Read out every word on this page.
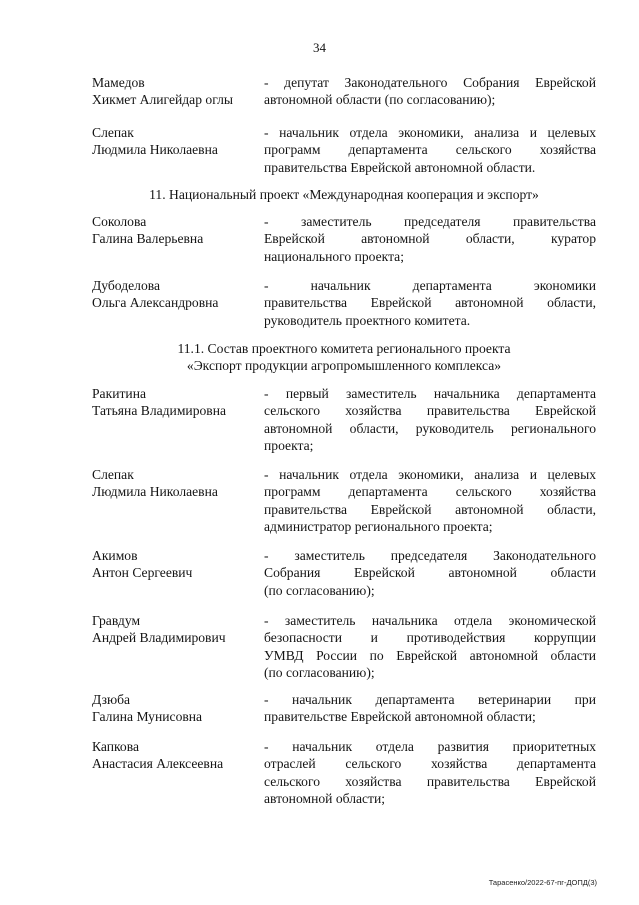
34
Мамедов
Хикмет Алигейдар оглы
- депутат Законодательного Собрания Еврейской
автономной области (по согласованию);
Слепак
Людмила Николаевна
- начальник отдела экономики, анализа и целевых
программ департамента сельского хозяйства
правительства Еврейской автономной области.
11. Национальный проект «Международная кооперация и экспорт»
Соколова
Галина Валерьевна
- заместитель председателя правительства
Еврейской автономной области, куратор
национального проекта;
Дубоделова
Ольга Александровна
- начальник департамента экономики
правительства Еврейской автономной области,
руководитель проектного комитета.
11.1. Состав проектного комитета регионального проекта
«Экспорт продукции агропромышленного комплекса»
Ракитина
Татьяна Владимировна
- первый заместитель начальника департамента
сельского хозяйства правительства Еврейской
автономной области, руководитель регионального
проекта;
Слепак
Людмила Николаевна
- начальник отдела экономики, анализа и целевых
программ департамента сельского хозяйства
правительства Еврейской автономной области,
администратор регионального проекта;
Акимов
Антон Сергеевич
- заместитель председателя Законодательного
Собрания Еврейской автономной области
(по согласованию);
Гравдум
Андрей Владимирович
- заместитель начальника отдела экономической
безопасности и противодействия коррупции
УМВД России по Еврейской автономной области
(по согласованию);
Дзюба
Галина Мунисовна
- начальник департамента ветеринарии при
правительстве Еврейской автономной области;
Капкова
Анастасия Алексеевна
- начальник отдела развития приоритетных
отраслей сельского хозяйства департамента
сельского хозяйства правительства Еврейской
автономной области;
Тарасенко/2022-67-пг-ДОПД(3)
